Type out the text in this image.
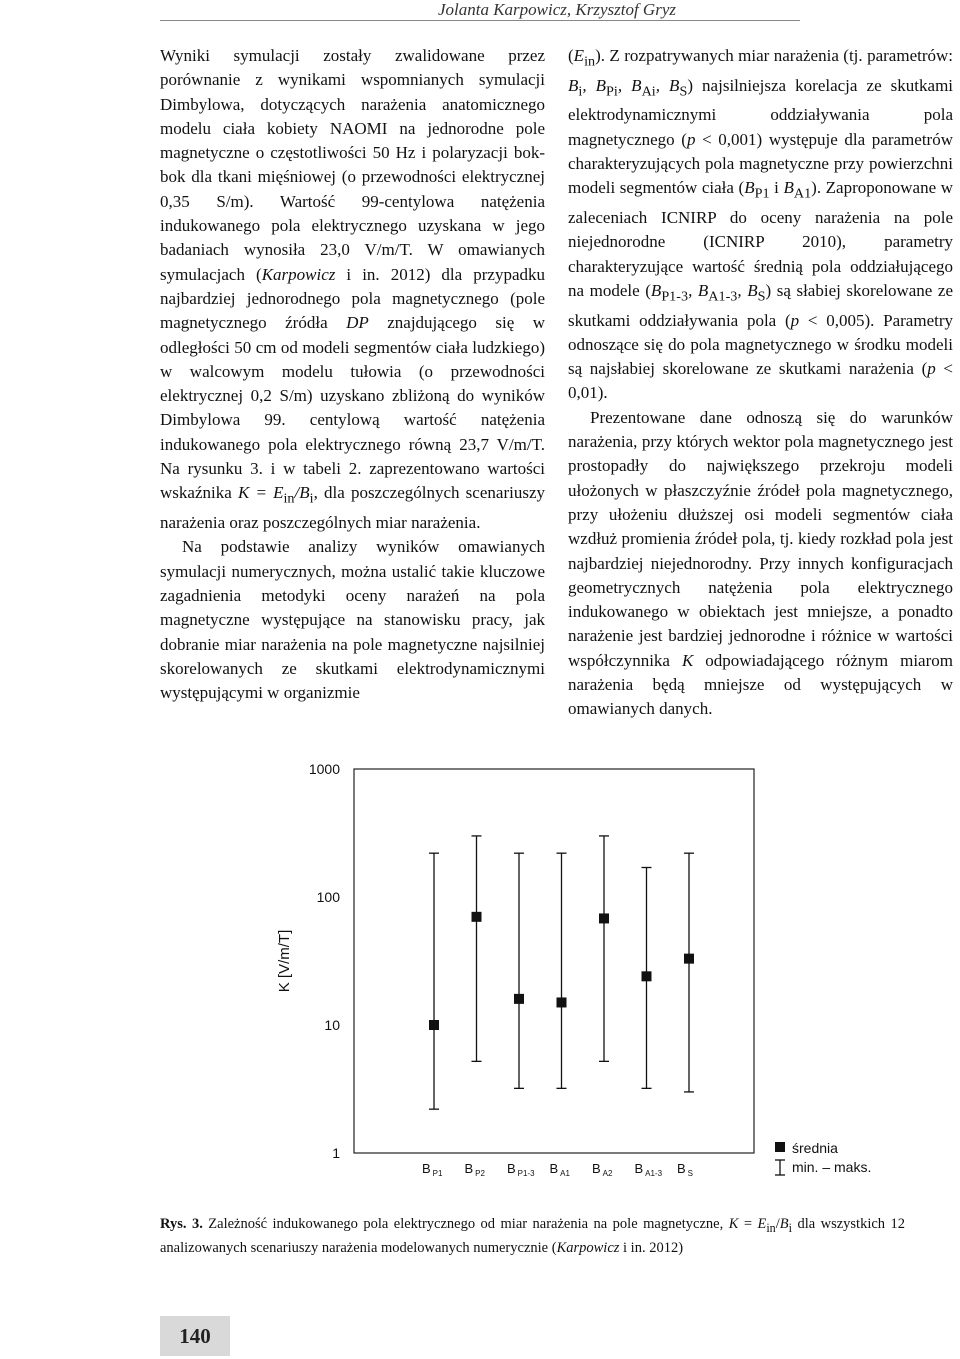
Jolanta Karpowicz, Krzysztof Gryz

Wyniki symulacji zostały zwalidowane przez porównanie z wynikami wspomnianych symulacji Dimbylowa, dotyczących narażenia anatomicznego modelu ciała kobiety NAOMI na jednorodne pole magnetyczne o częstotliwości 50 Hz i polaryzacji bok-bok dla tkani mięśniowej (o przewodności elektrycznej 0,35 S/m). Wartość 99-centylowa natężenia indukowanego pola elektrycznego uzyskana w jego badaniach wynosiła 23,0 V/m/T. W omawianych symulacjach (Karpowicz i in. 2012) dla przypadku najbardziej jednorodnego pola magnetycznego (pole magnetycznego źródła DP znajdującego się w odległości 50 cm od modeli segmentów ciała ludzkiego) w walcowym modelu tułowia (o przewodności elektrycznej 0,2 S/m) uzyskano zbliżoną do wyników Dimbylowa 99. centylową wartość natężenia indukowanego pola elektrycznego równą 23,7 V/m/T. Na rysunku 3. i w tabeli 2. zaprezentowano wartości wskaźnika $K = E_{in}/B_i$, dla poszczególnych scenariuszy narażenia oraz poszczególnych miar narażenia.

Na podstawie analizy wyników omawianych symulacji numerycznych, można ustalić takie kluczowe zagadnienia metodyki oceny narażeń na pola magnetyczne występujące na stanowisku pracy, jak dobranie miar narażenia na pole magnetyczne najsilniej skorelowanych ze skutkami elektrodynamicznymi występującymi w organizmie

$(E_{in})$. Z rozpatrywanych miar narażenia (tj. parametrów: $B_i$, $B_{Pi}$, $B_{Ai}$, $B_S$) najsilniejsza korelacja ze skutkami elektrodynamicznymi oddziaływania pola magnetycznego (p < 0,001) występuje dla parametrów charakteryzujących pola magnetyczne przy powierzchni modeli segmentów ciała ($B_{P1}$ i $B_{A1}$). Zaproponowane w zaleceniach ICNIRP do oceny narażenia na pole niejednorodne (ICNIRP 2010), parametry charakteryzujące wartość średnią pola oddziałującego na modele ($B_{P1-3}$, $B_{A1-3}$, $B_S$) są słabiej skorelowane ze skutkami oddziaływania pola (p < 0,005). Parametry odnoszące się do pola magnetycznego w środku modeli są najsłabiej skorelowane ze skutkami narażenia (p < 0,01).

Prezentowane dane odnoszą się do warunków narażenia, przy których wektor pola magnetycznego jest prostopadły do największego przekroju modeli ułożonych w płaszczyźnie źródeł pola magnetycznego, przy ułożeniu dłuższej osi modeli segmentów ciała wzdłuż promienia źródeł pola, tj. kiedy rozkład pola jest najbardziej niejednorodny. Przy innych konfiguracjach geometrycznych natężenia pola elektrycznego indukowanego w obiektach jest mniejsze, a ponadto narażenie jest bardziej jednorodne i różnice w wartości współczynnika K odpowiadającego różnym miarom narażenia będą mniejsze od występujących w omawianych danych.

K [V/m/T]
1
10
100
1000
B $_{P1}$ B $_{P2}$ B $_{P1-3}$ B $_{A1}$ B $_{A2}$ B $_{A1-3}$ B $_S$
średnia
min. – maks.
Rys. 3. Zależność indukowanego pola elektrycznego od miar narażenia na pole magnetyczne, $K = E_{in}/B_i$ dla wszystkich 12 analizowanych scenariuszy narażenia modelowanych numerycznie (Karpowicz i in. 2012)
140
